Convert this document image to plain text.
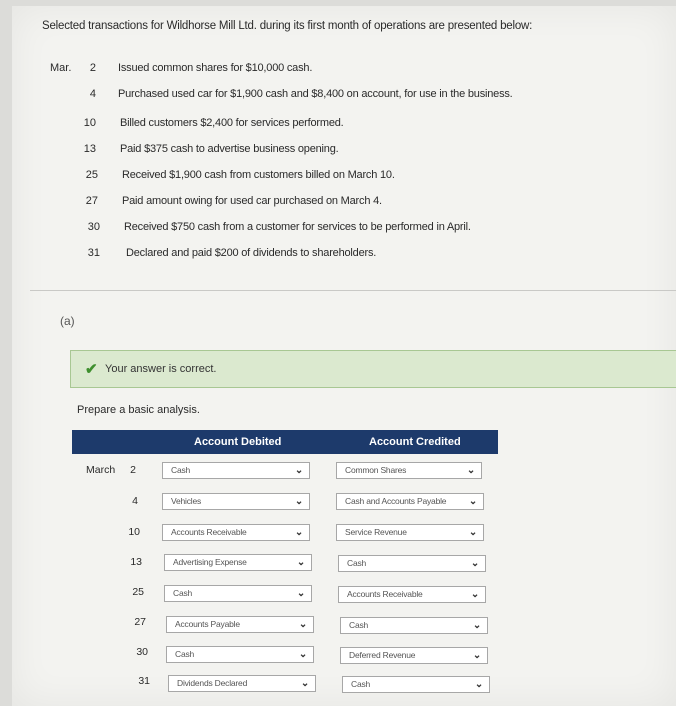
Selected transactions for Wildhorse Mill Ltd. during its first month of operations are presented below:
Mar.	2 Issued common shares for $10,000 cash.
4 Purchased used car for $1,900 cash and $8,400 on account, for use in the business.
10 Billed customers $2,400 for services performed.
13 Paid $375 cash to advertise business opening.
25 Received $1,900 cash from customers billed on March 10.
27 Paid amount owing for used car purchased on March 4.
30 Received $750 cash from a customer for services to be performed in April.
31 Declared and paid $200 of dividends to shareholders.
(a)
✔ Your answer is correct.
Prepare a basic analysis.
Account Debited	Account Credited
March	2	Cash	⌄	Common Shares	⌄
4	Vehicles	⌄	Cash and Accounts Payable ⌄
10	Accounts Receivable	⌄	Service Revenue	⌄
13	Advertising Expense	⌄	Cash	⌄
25	Cash	⌄	Accounts Receivable	⌄
27	Accounts Payable	⌄	Cash	⌄
30	Cash	⌄	Deferred Revenue	⌄
31	Dividends Declared	⌄	Cash	⌄
